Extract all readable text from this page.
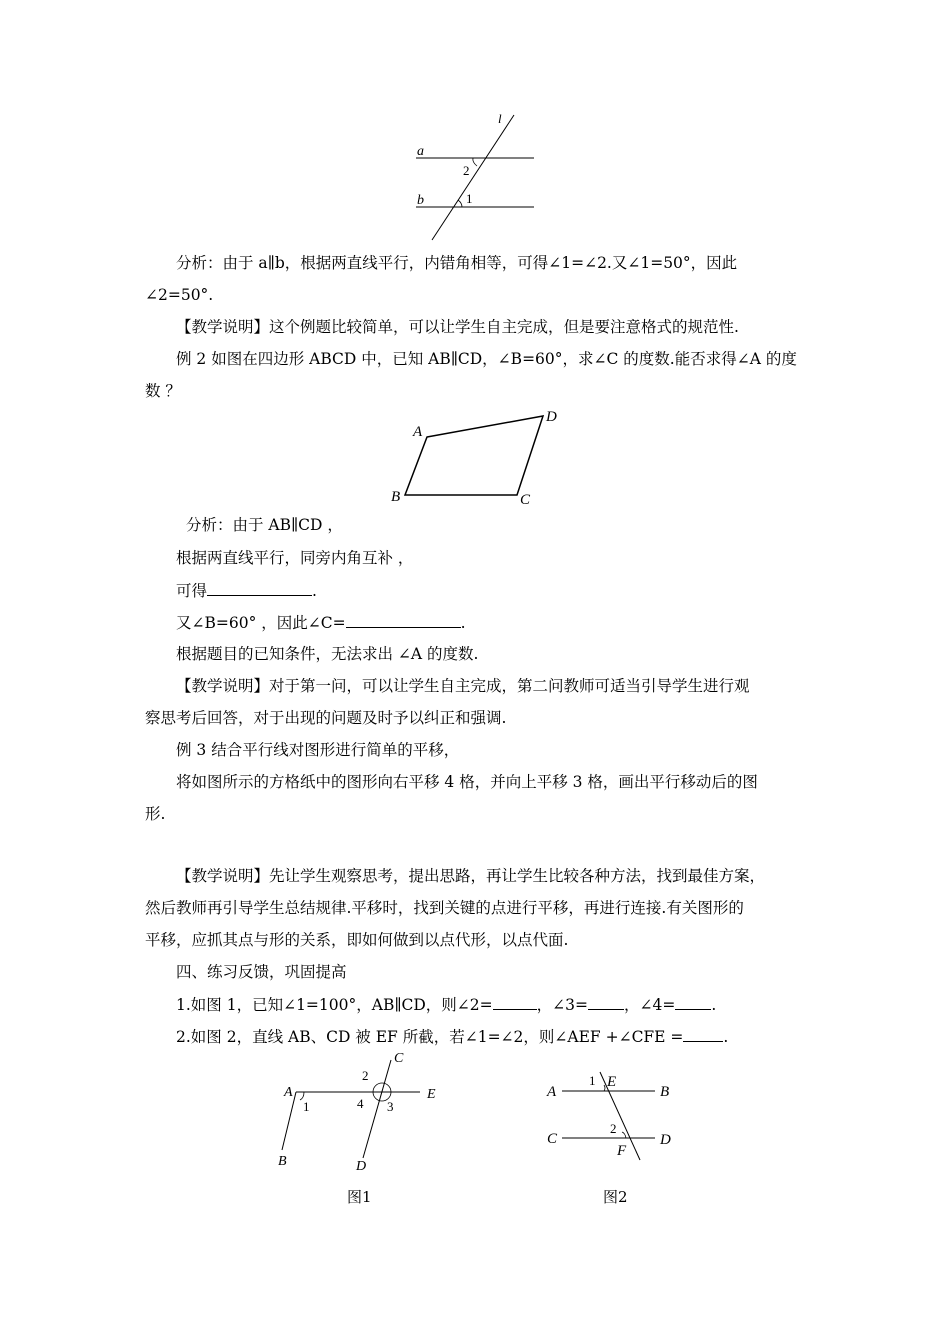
l
a
b
2
1
分析：由于 a∥b，根据两直线平行，内错角相等，可得∠1=∠2.又∠1=50°，因此
∠2=50°.
【教学说明】这个例题比较简单，可以让学生自主完成，但是要注意格式的规范性.
例 2 如图在四边形 ABCD 中，已知 AB∥CD，∠B=60°，求∠C 的度数.能否求得∠A 的度
数 ？
A
D
B	C
分析：由于 AB∥CD ，
根据两直线平行，同旁内角互补 ，
可得	.
又∠B=60° ，因此∠C=	.
根据题目的已知条件，无法求出 ∠A 的度数.
【教学说明】对于第一问，可以让学生自主完成，第二问教师可适当引导学生进行观
察思考后回答，对于出现的问题及时予以纠正和强调.
例 3 结合平行线对图形进行简单的平移，
将如图所示的方格纸中的图形向右平移 4 格，并向上平移 3 格，画出平行移动后的图
形.
【教学说明】先让学生观察思考，提出思路，再让学生比较各种方法，找到最佳方案，
然后教师再引导学生总结规律.平移时，找到关键的点进行平移，再进行连接.有关图形的
平移，应抓其点与形的关系，即如何做到以点代形，以点代面.
四、练习反馈，巩固提高
1.如图 1，已知∠1=100°，AB∥CD，则∠2=	，∠3= ，∠4= .
2.如图 2，直线 AB、CD 被 EF 所截，若∠1=∠2，则∠AEF +∠CFE =	.
A
1
B
C
2
E
4 3
D
图1
A
1 E
B
C
2
D
F
图2
